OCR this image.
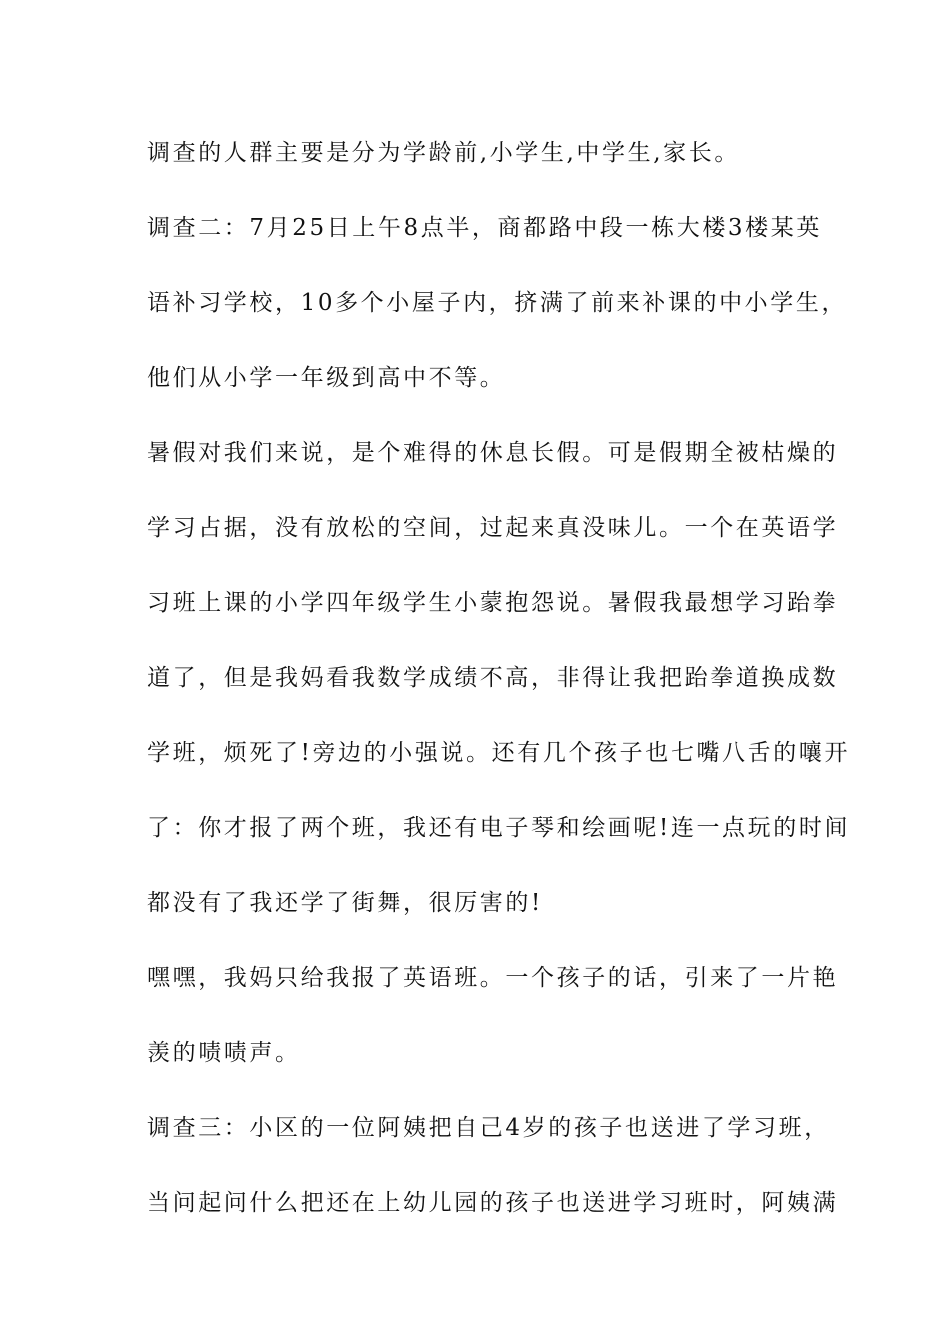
调查的人群主要是分为学龄前,小学生,中学生,家长。
调查二：7月25日上午8点半，商都路中段一栋大楼3楼某英
语补习学校，10多个小屋子内，挤满了前来补课的中小学生，
他们从小学一年级到高中不等。
暑假对我们来说，是个难得的休息长假。可是假期全被枯燥的
学习占据，没有放松的空间，过起来真没味儿。一个在英语学
习班上课的小学四年级学生小蒙抱怨说。暑假我最想学习跆拳
道了，但是我妈看我数学成绩不高，非得让我把跆拳道换成数
学班，烦死了!旁边的小强说。还有几个孩子也七嘴八舌的嚷开
了：你才报了两个班，我还有电子琴和绘画呢!连一点玩的时间
都没有了我还学了街舞，很厉害的!
嘿嘿，我妈只给我报了英语班。一个孩子的话，引来了一片艳
羡的啧啧声。
调查三：小区的一位阿姨把自己4岁的孩子也送进了学习班，
当问起问什么把还在上幼儿园的孩子也送进学习班时，阿姨满
